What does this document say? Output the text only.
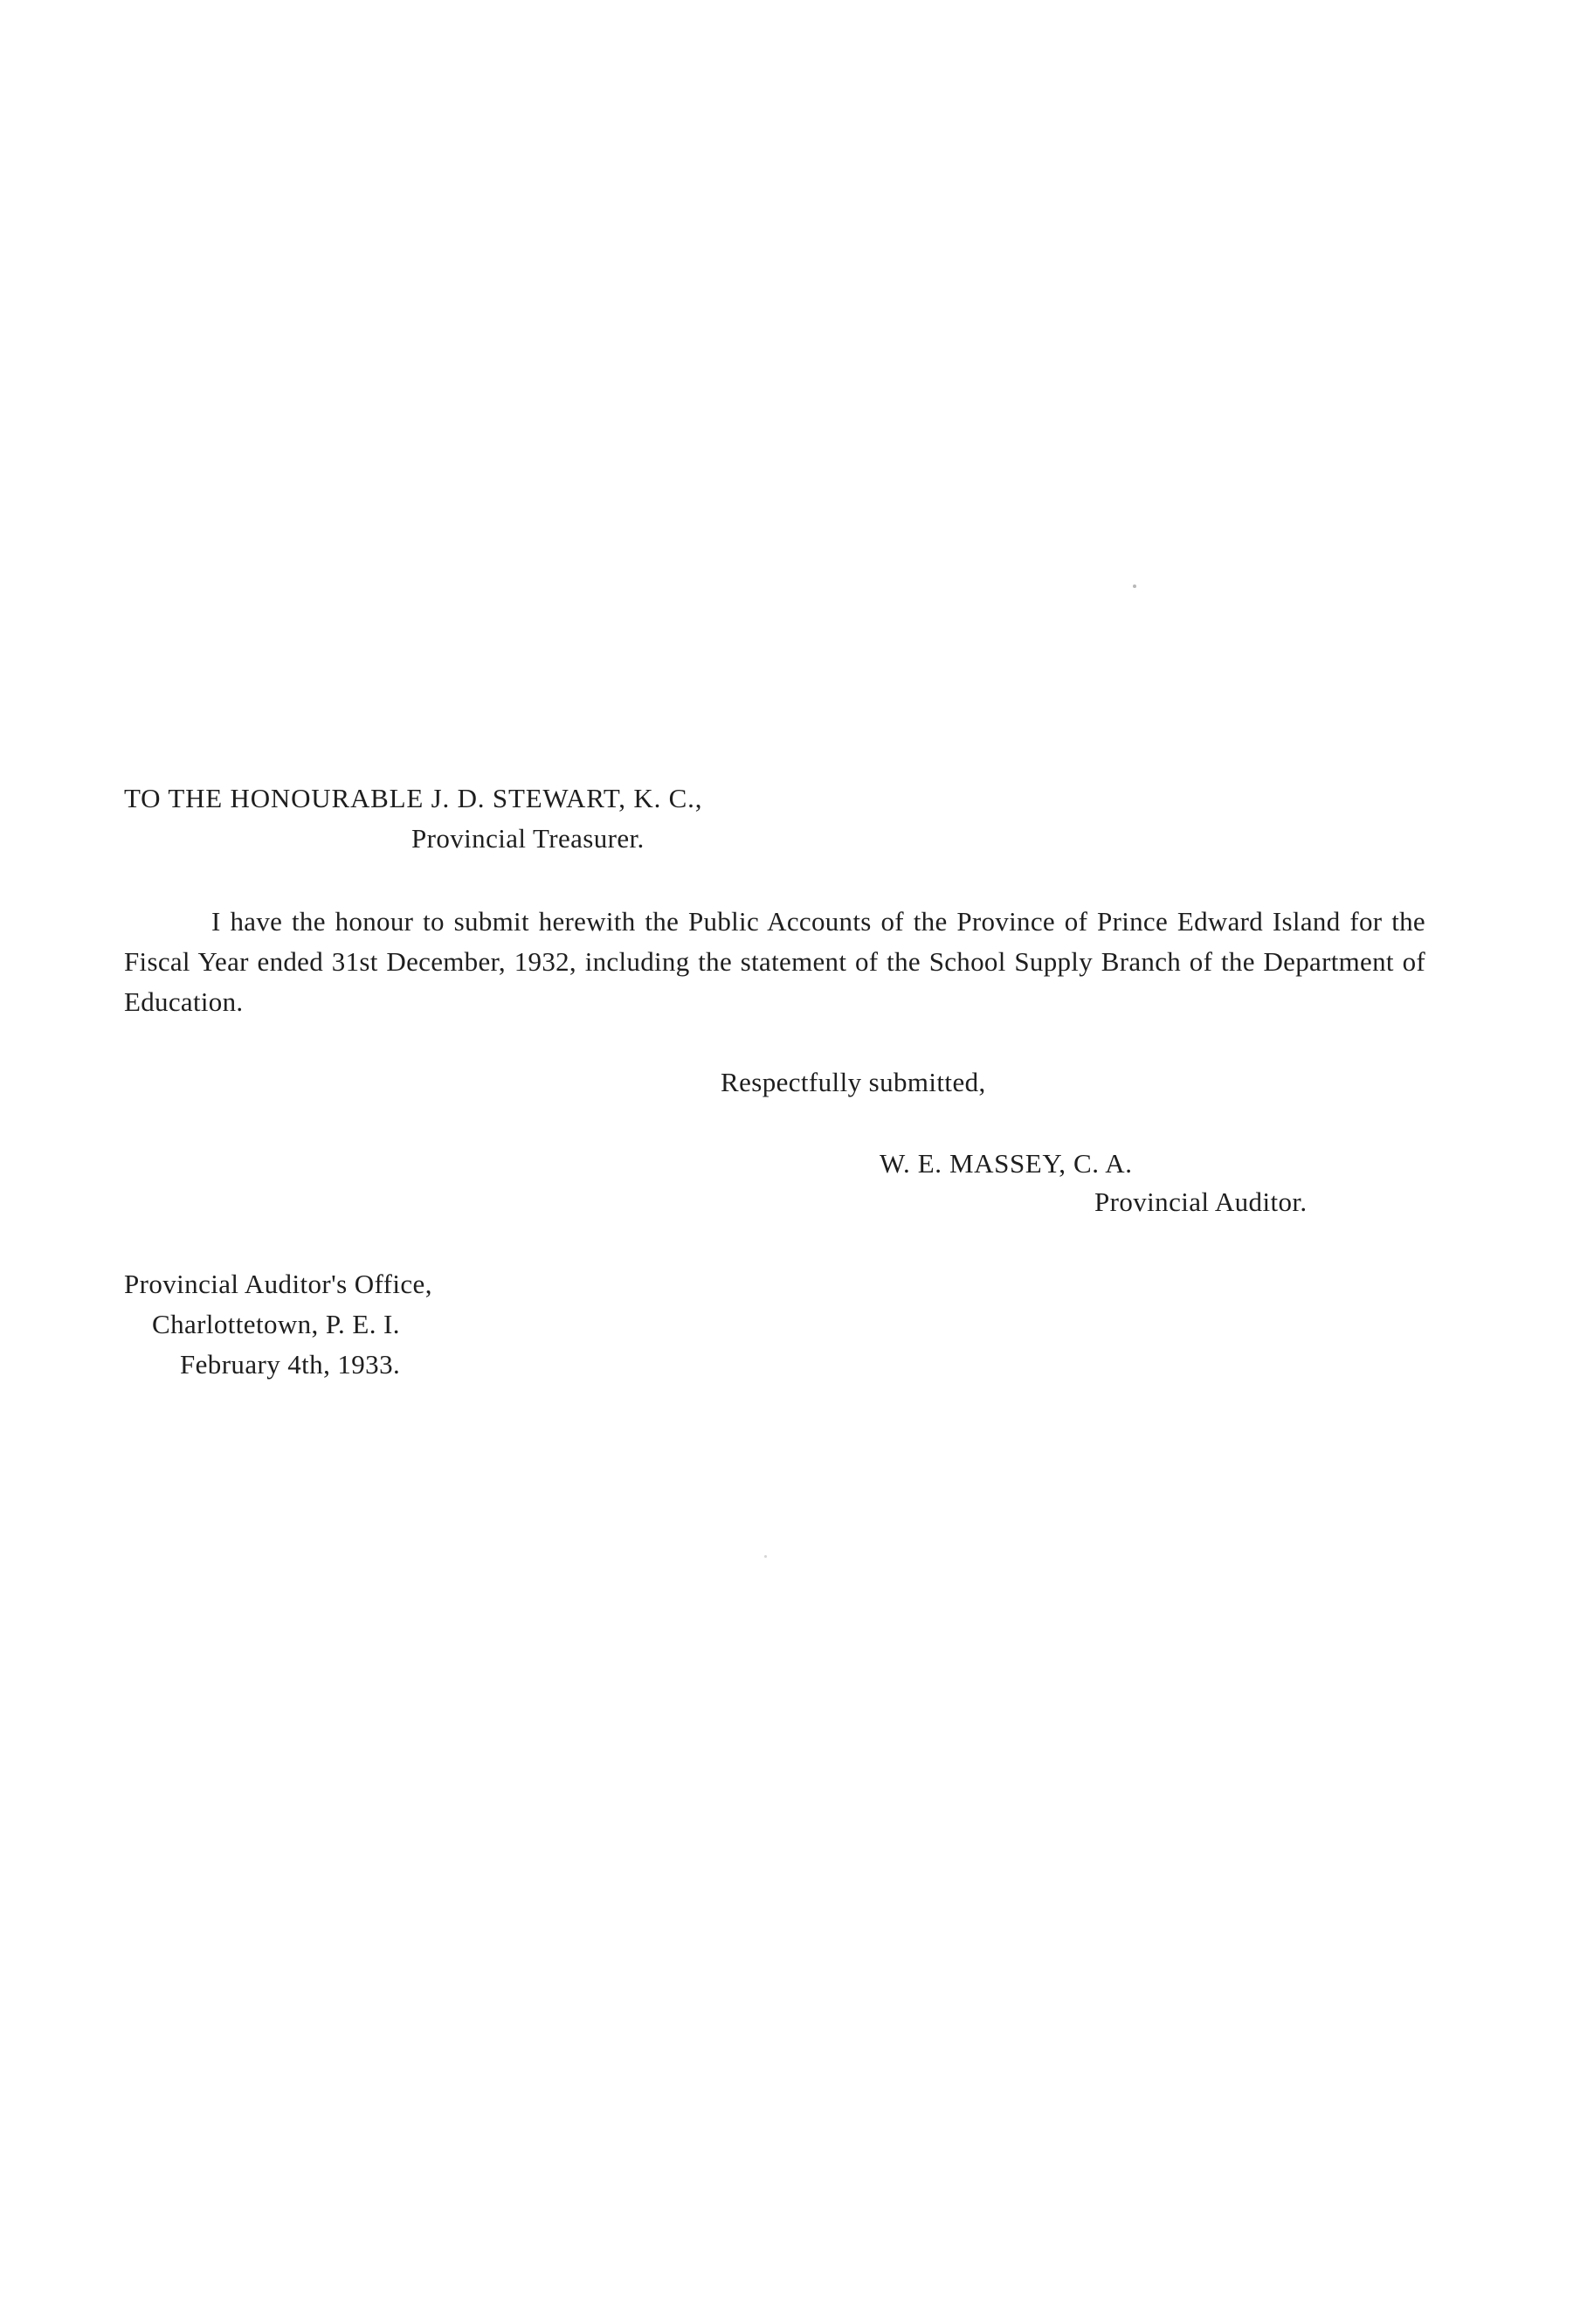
TO THE HONOURABLE J. D. STEWART, K. C.,
Provincial Treasurer.
I have the honour to submit herewith the Public Accounts of the Province of Prince Edward Island for the Fiscal Year ended 31st December, 1932, including the statement of the School Supply Branch of the Department of Education.
Respectfully submitted,
W. E. MASSEY, C. A.
Provincial Auditor.
Provincial Auditor's Office,
Charlottetown, P. E. I.
February 4th, 1933.
